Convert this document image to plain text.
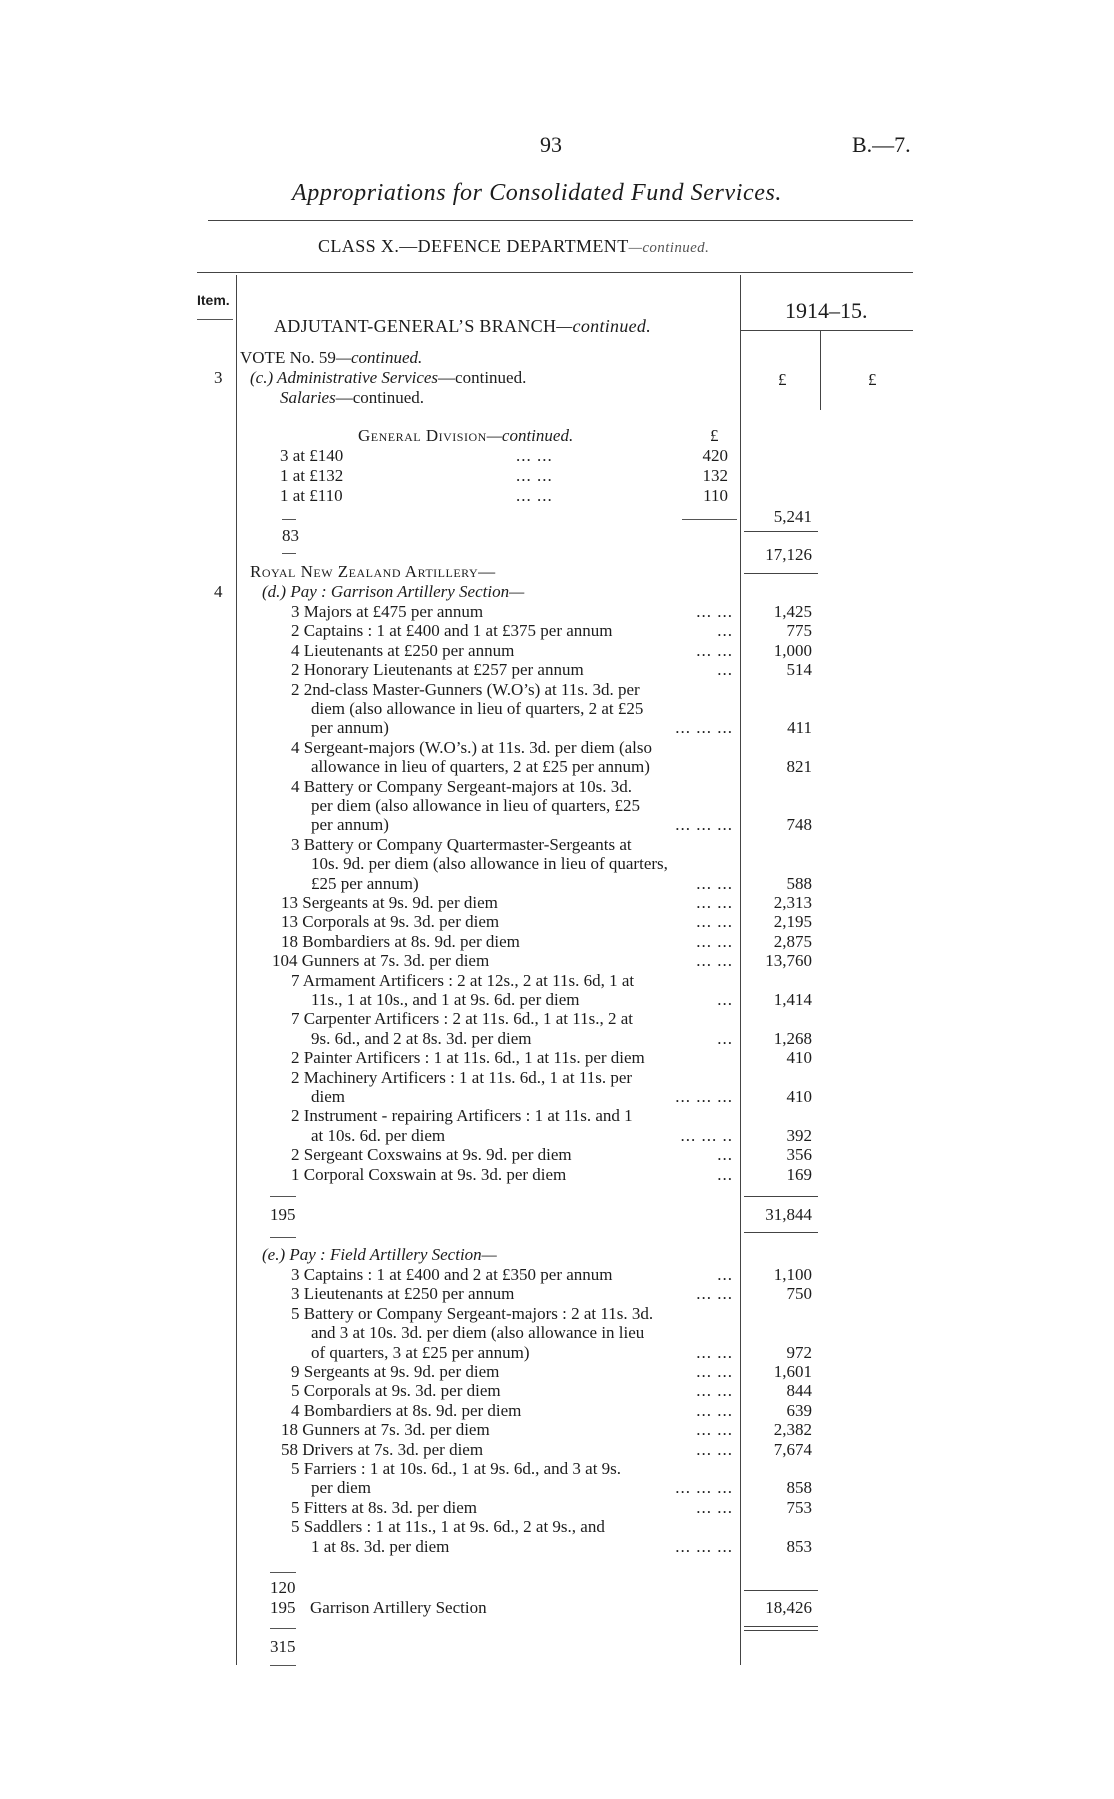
93	B.—7.
Appropriations for Consolidated Fund Services.
CLASS X.—DEFENCE DEPARTMENT—continued.
Item.	1914–15.
£	£
ADJUTANT-GENERAL’S BRANCH—continued.
VOTE No. 59—continued.
3 (c.) Administrative Services—continued.
Salaries—continued.
General Division—continued.	£
3 at £140	... ...	420
1 at £132	... ...	132
1 at £110	... ...	110
83
5,241
17,126
Royal New Zealand Artillery—
4 (d.) Pay : Garrison Artillery Section—
3 Majors at £475 per annum	... ...	1,425
2 Captains : 1 at £400 and 1 at £375 per annum	...	775
4 Lieutenants at £250 per annum	... ...	1,000
2 Honorary Lieutenants at £257 per annum	...	514
2 2nd-class Master-Gunners (W.O’s) at 11s. 3d. per
diem (also allowance in lieu of quarters, 2 at £25
per annum)	... ... ...	411
4 Sergeant-majors (W.O’s.) at 11s. 3d. per diem (also
allowance in lieu of quarters, 2 at £25 per annum)	821
4 Battery or Company Sergeant-majors at 10s. 3d.
per diem (also allowance in lieu of quarters, £25
per annum)	... ... ...	748
3 Battery or Company Quartermaster-Sergeants at
10s. 9d. per diem (also allowance in lieu of quarters,
£25 per annum)	... ...	588
13 Sergeants at 9s. 9d. per diem	... ...	2,313
13 Corporals at 9s. 3d. per diem	... ...	2,195
18 Bombardiers at 8s. 9d. per diem	... ...	2,875
104 Gunners at 7s. 3d. per diem	... ...	13,760
7 Armament Artificers : 2 at 12s., 2 at 11s. 6d, 1 at
11s., 1 at 10s., and 1 at 9s. 6d. per diem	...	1,414
7 Carpenter Artificers : 2 at 11s. 6d., 1 at 11s., 2 at
9s. 6d., and 2 at 8s. 3d. per diem	...	1,268
2 Painter Artificers : 1 at 11s. 6d., 1 at 11s. per diem	410
2 Machinery Artificers : 1 at 11s. 6d., 1 at 11s. per
diem	... ... ...	410
2 Instrument - repairing Artificers : 1 at 11s. and 1
at 10s. 6d. per diem	... ... ..	392
2 Sergeant Coxswains at 9s. 9d. per diem	...	356
1 Corporal Coxswain at 9s. 3d. per diem	...	169
195	31,844
(e.) Pay : Field Artillery Section—
3 Captains : 1 at £400 and 2 at £350 per annum	...	1,100
3 Lieutenants at £250 per annum	... ...	750
5 Battery or Company Sergeant-majors : 2 at 11s. 3d.
and 3 at 10s. 3d. per diem (also allowance in lieu
of quarters, 3 at £25 per annum)	... ...	972
9 Sergeants at 9s. 9d. per diem	... ...	1,601
5 Corporals at 9s. 3d. per diem	... ...	844
4 Bombardiers at 8s. 9d. per diem	... ...	639
18 Gunners at 7s. 3d. per diem	... ...	2,382
58 Drivers at 7s. 3d. per diem	... ...	7,674
5 Farriers : 1 at 10s. 6d., 1 at 9s. 6d., and 3 at 9s.
per diem	... ... ...	858
5 Fitters at 8s. 3d. per diem	... ...	753
5 Saddlers : 1 at 11s., 1 at 9s. 6d., 2 at 9s., and
1 at 8s. 3d. per diem	... ... ...	853
120
195 Garrison Artillery Section	18,426
315
